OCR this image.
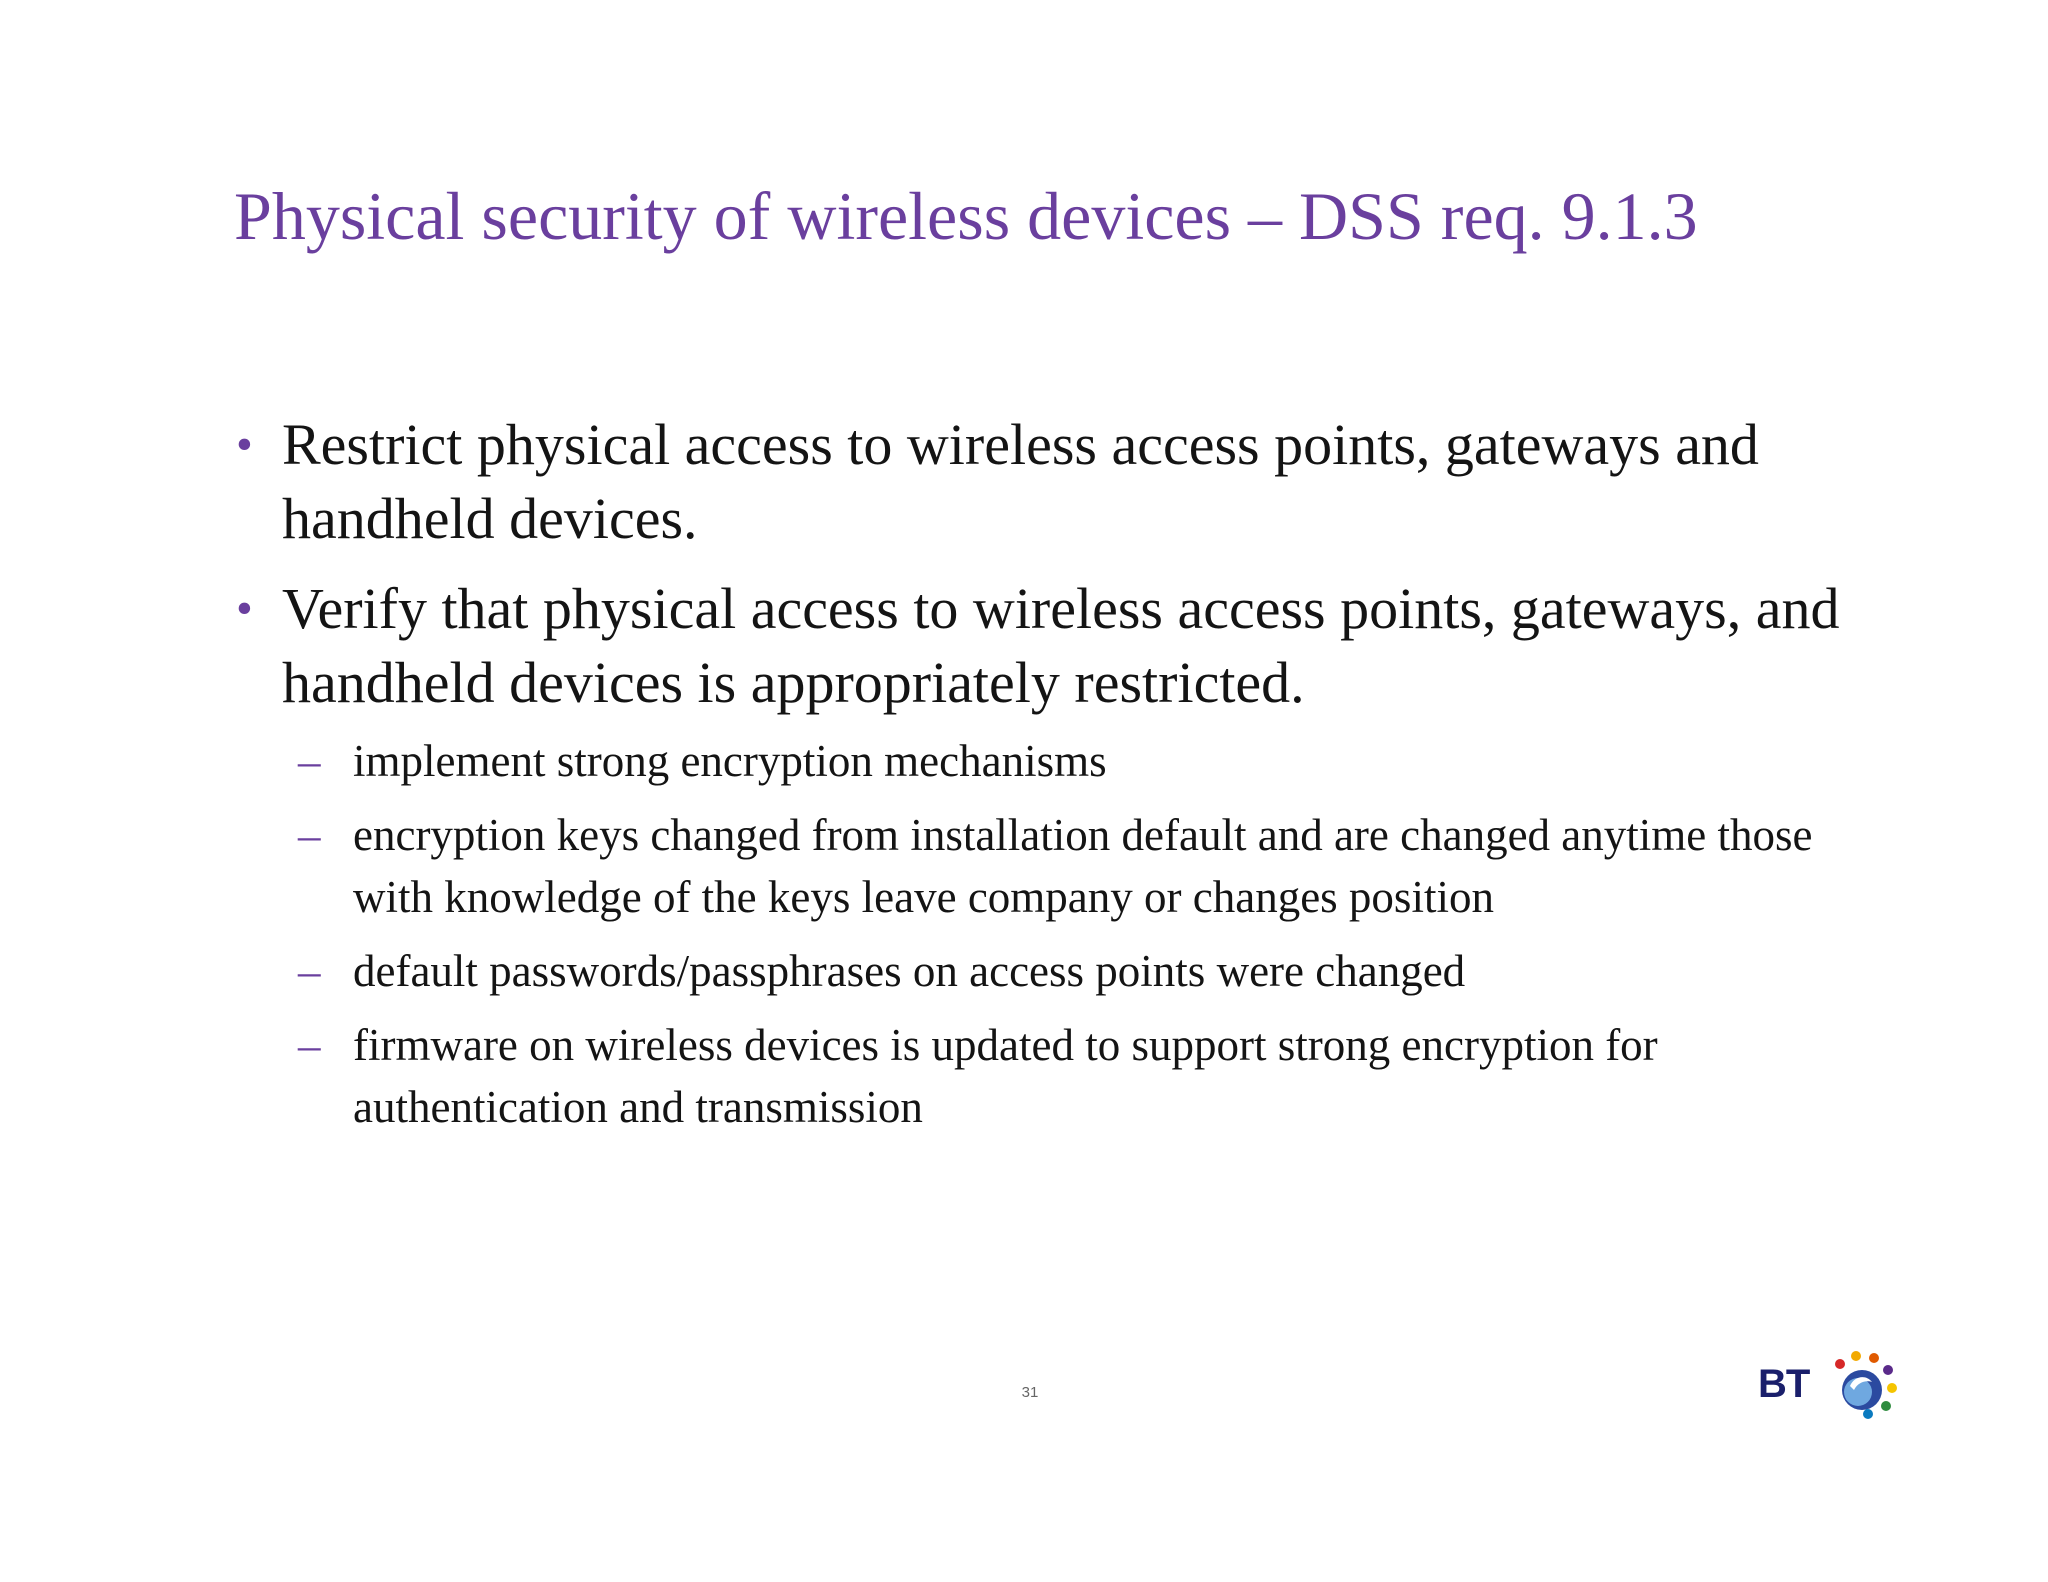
Physical security of wireless devices – DSS req. 9.1.3
• Restrict physical access to wireless access points, gateways and handheld devices.
• Verify that physical access to wireless access points, gateways, and handheld devices is appropriately restricted.
– implement strong encryption mechanisms
– encryption keys changed from installation default and are changed anytime those with knowledge of the keys leave company or changes position
– default passwords/passphrases on access points were changed
– firmware on wireless devices is updated to support strong encryption for authentication and transmission
31	BT
